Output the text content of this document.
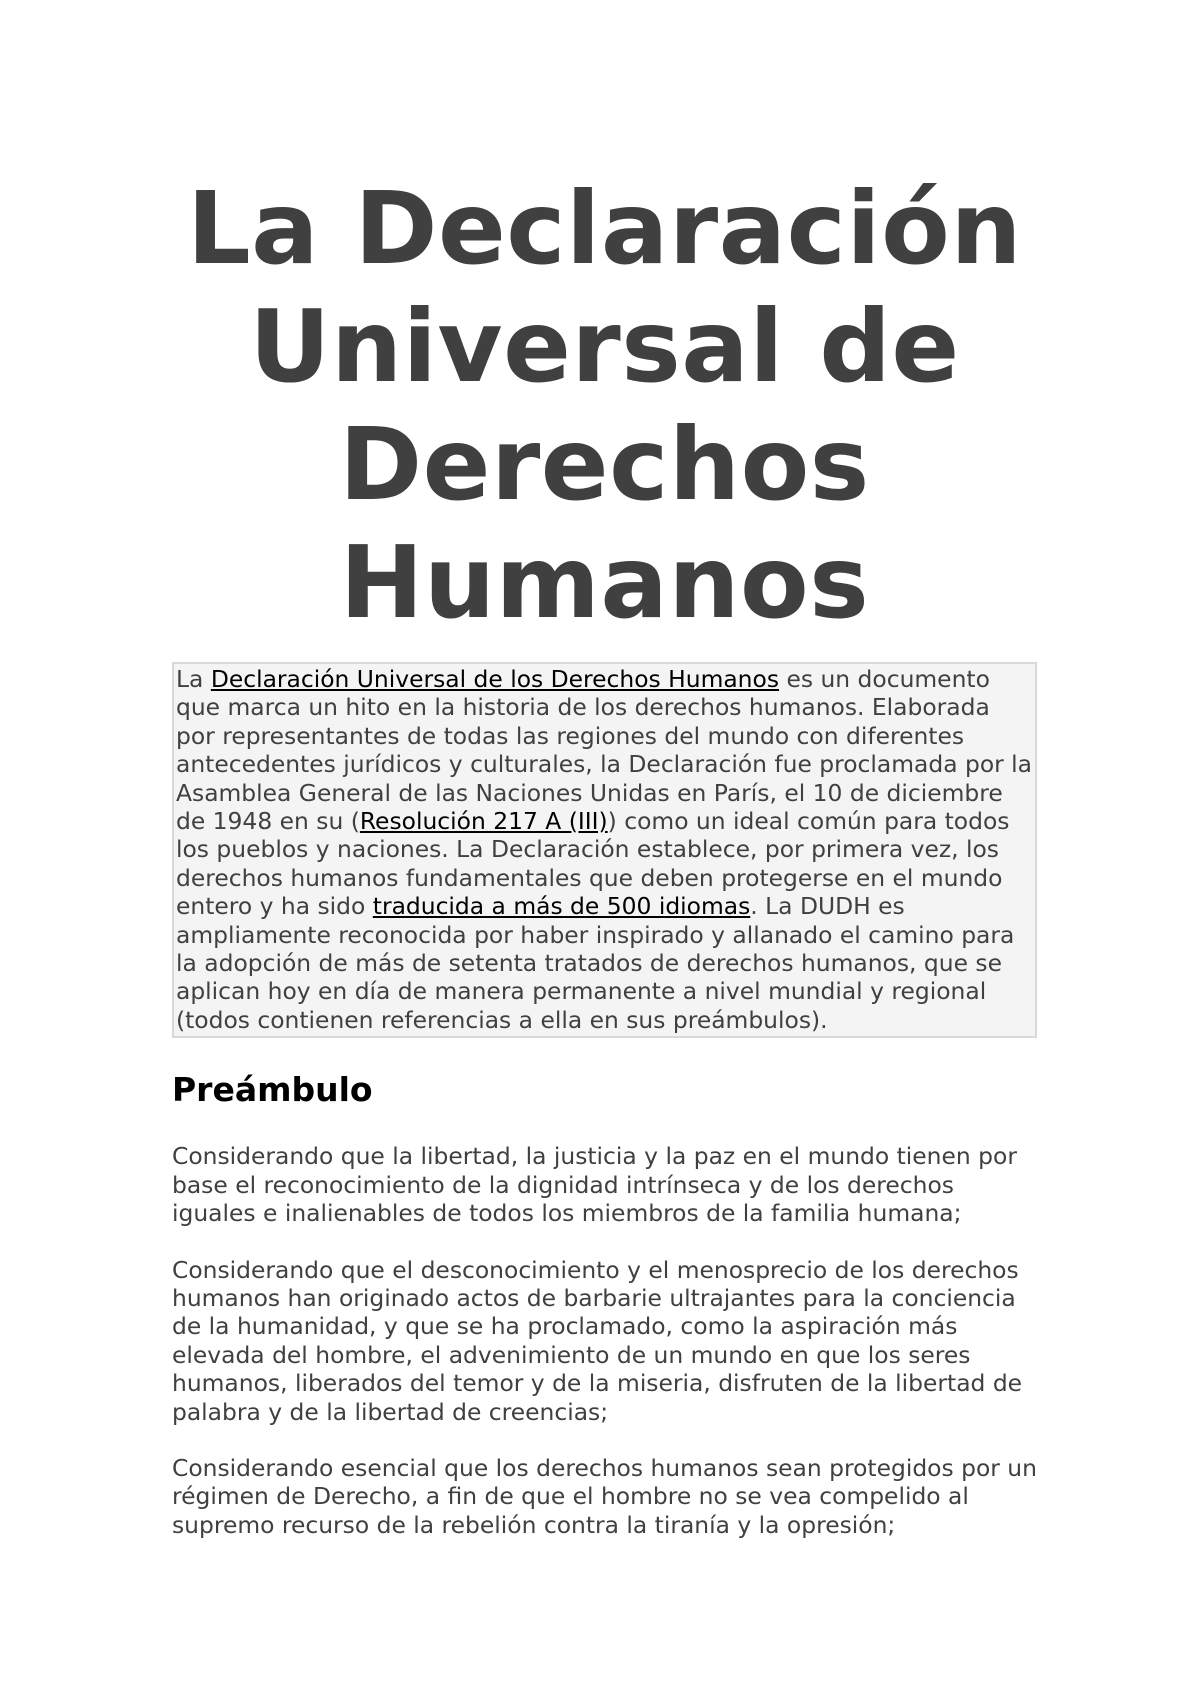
La Declaración
Universal de
Derechos
Humanos
La Declaración Universal de los Derechos Humanos es un documento que marca un hito en la historia de los derechos humanos. Elaborada por representantes de todas las regiones del mundo con diferentes antecedentes jurídicos y culturales, la Declaración fue proclamada por la Asamblea General de las Naciones Unidas en París, el 10 de diciembre de 1948 en su (Resolución 217 A (III)) como un ideal común para todos los pueblos y naciones. La Declaración establece, por primera vez, los derechos humanos fundamentales que deben protegerse en el mundo entero y ha sido traducida a más de 500 idiomas. La DUDH es ampliamente reconocida por haber inspirado y allanado el camino para la adopción de más de setenta tratados de derechos humanos, que se aplican hoy en día de manera permanente a nivel mundial y regional (todos contienen referencias a ella en sus preámbulos).
Preámbulo

Considerando que la libertad, la justicia y la paz en el mundo tienen por base el reconocimiento de la dignidad intrínseca y de los derechos iguales e inalienables de todos los miembros de la familia humana;

Considerando que el desconocimiento y el menosprecio de los derechos humanos han originado actos de barbarie ultrajantes para la conciencia de la humanidad, y que se ha proclamado, como la aspiración más elevada del hombre, el advenimiento de un mundo en que los seres humanos, liberados del temor y de la miseria, disfruten de la libertad de palabra y de la libertad de creencias;

Considerando esencial que los derechos humanos sean protegidos por un régimen de Derecho, a fin de que el hombre no se vea compelido al supremo recurso de la rebelión contra la tiranía y la opresión;
